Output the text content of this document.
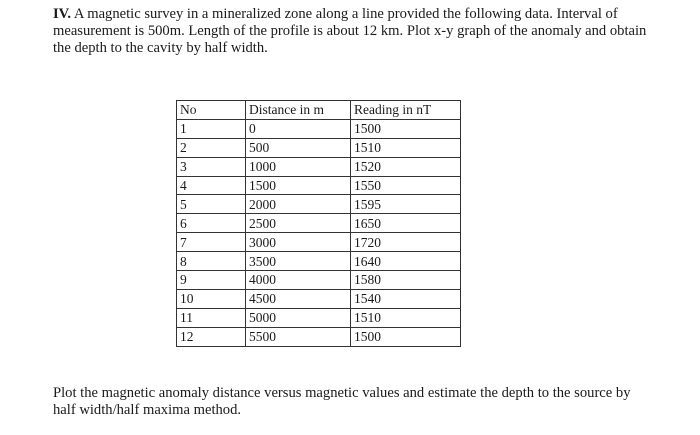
IV. A magnetic survey in a mineralized zone along a line provided the following data. Interval of measurement is 500m. Length of the profile is about 12 km. Plot x-y graph of the anomaly and obtain the depth to the cavity by half width.
No	Distance in m	Reading in nT
1	0	1500
2	500	1510
3	1000	1520
4	1500	1550
5	2000	1595
6	2500	1650
7	3000	1720
8	3500	1640
9	4000	1580
10	4500	1540
11	5000	1510
12	5500	1500
Plot the magnetic anomaly distance versus magnetic values and estimate the depth to the source by half width/half maxima method.
